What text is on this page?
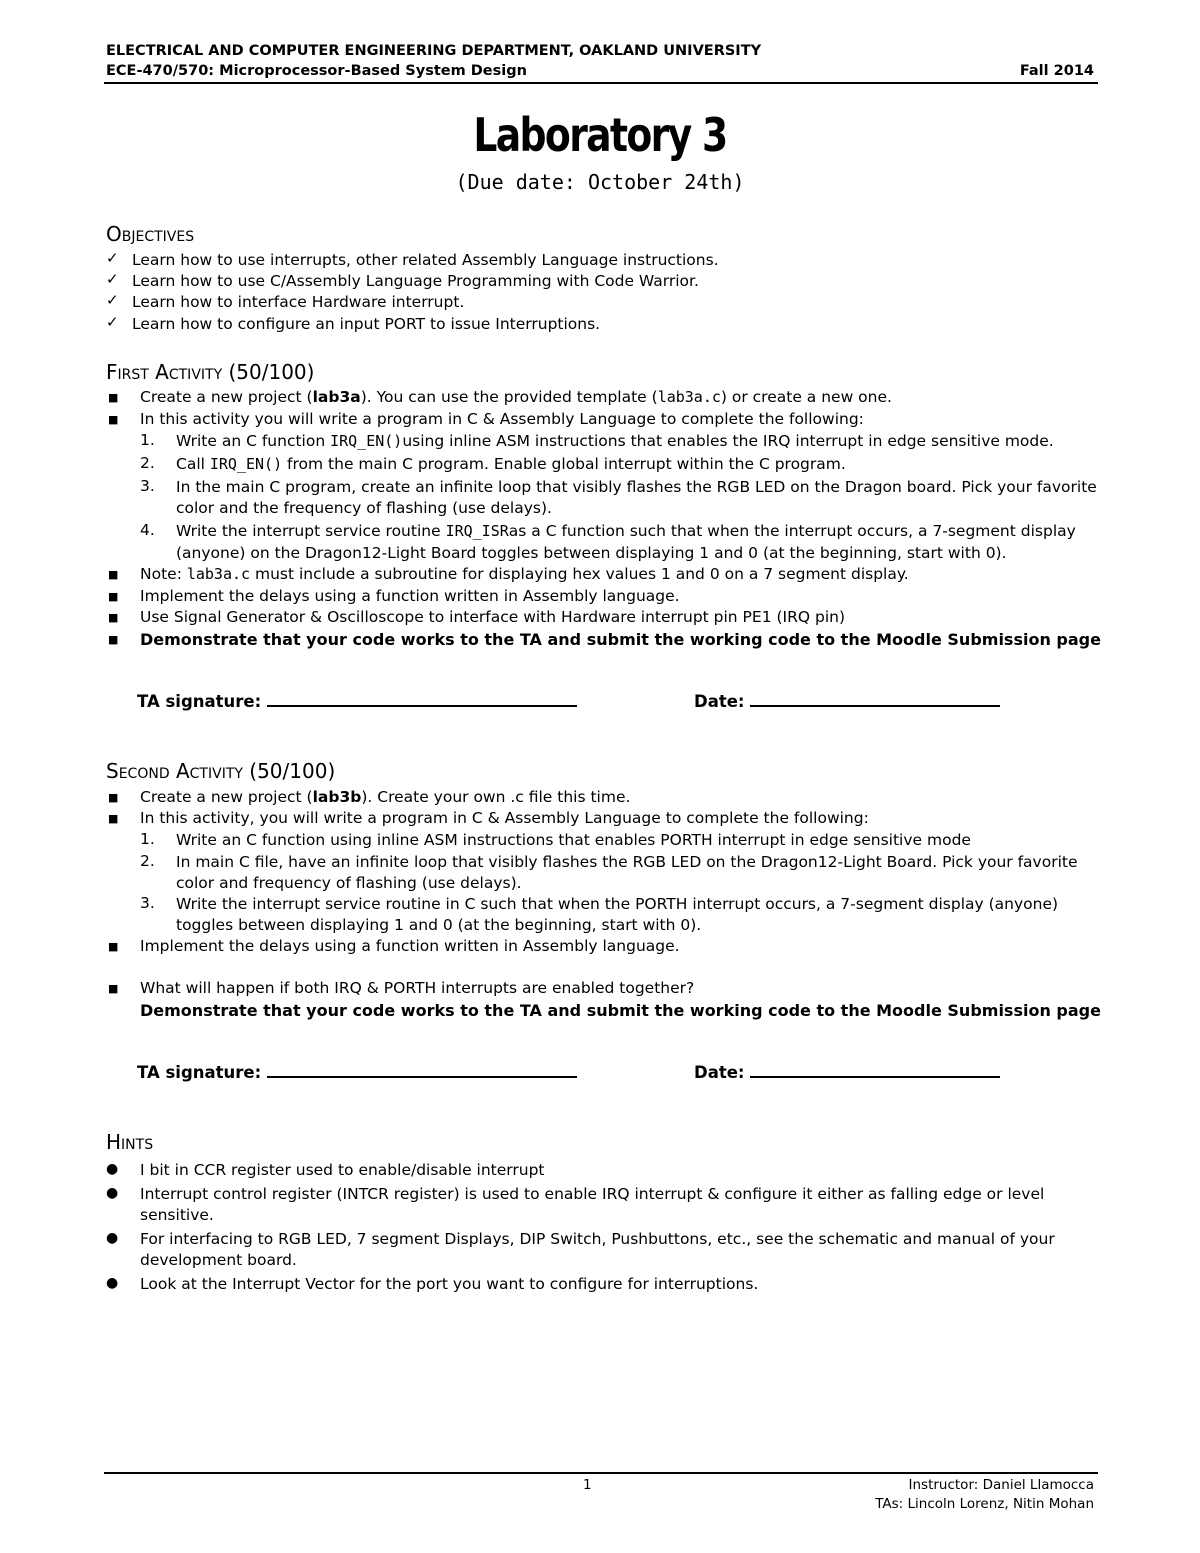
ELECTRICAL AND COMPUTER ENGINEERING DEPARTMENT, OAKLAND UNIVERSITY
ECE-470/570: Microprocessor-Based System Design	Fall 2014
Laboratory 3
(Due date: October 24th)
Objectives
✓ Learn how to use interrupts, other related Assembly Language instructions.
✓ Learn how to use C/Assembly Language Programming with Code Warrior.
✓ Learn how to interface Hardware interrupt.
✓ Learn how to configure an input PORT to issue Interruptions.
First Activity (50/100)
■ Create a new project (lab3a). You can use the provided template (lab3a.c) or create a new one.
■ In this activity you will write a program in C & Assembly Language to complete the following:
1. Write an C function IRQ_EN()using inline ASM instructions that enables the IRQ interrupt in edge sensitive mode.
2. Call IRQ_EN() from the main C program. Enable global interrupt within the C program.
3. In the main C program, create an infinite loop that visibly flashes the RGB LED on the Dragon board. Pick your favorite
color and the frequency of flashing (use delays).
4. Write the interrupt service routine IRQ_ISRas a C function such that when the interrupt occurs, a 7-segment display
(anyone) on the Dragon12-Light Board toggles between displaying 1 and 0 (at the beginning, start with 0).
■ Note: lab3a.c must include a subroutine for displaying hex values 1 and 0 on a 7 segment display.
■ Implement the delays using a function written in Assembly language.
■ Use Signal Generator & Oscilloscope to interface with Hardware interrupt pin PE1 (IRQ pin)
■ Demonstrate that your code works to the TA and submit the working code to the Moodle Submission page
TA signature:	Date:
Second Activity (50/100)
■ Create a new project (lab3b). Create your own .c file this time.
■ In this activity, you will write a program in C & Assembly Language to complete the following:
1. Write an C function using inline ASM instructions that enables PORTH interrupt in edge sensitive mode
2. In main C file, have an infinite loop that visibly flashes the RGB LED on the Dragon12-Light Board. Pick your favorite
color and frequency of flashing (use delays).
3. Write the interrupt service routine in C such that when the PORTH interrupt occurs, a 7-segment display (anyone)
toggles between displaying 1 and 0 (at the beginning, start with 0).
■ Implement the delays using a function written in Assembly language.
■ What will happen if both IRQ & PORTH interrupts are enabled together?
Demonstrate that your code works to the TA and submit the working code to the Moodle Submission page
TA signature:	Date:
Hints
● I bit in CCR register used to enable/disable interrupt
● Interrupt control register (INTCR register) is used to enable IRQ interrupt & configure it either as falling edge or level
sensitive.
● For interfacing to RGB LED, 7 segment Displays, DIP Switch, Pushbuttons, etc., see the schematic and manual of your
development board.
● Look at the Interrupt Vector for the port you want to configure for interruptions.
1	Instructor: Daniel Llamocca
TAs: Lincoln Lorenz, Nitin Mohan
